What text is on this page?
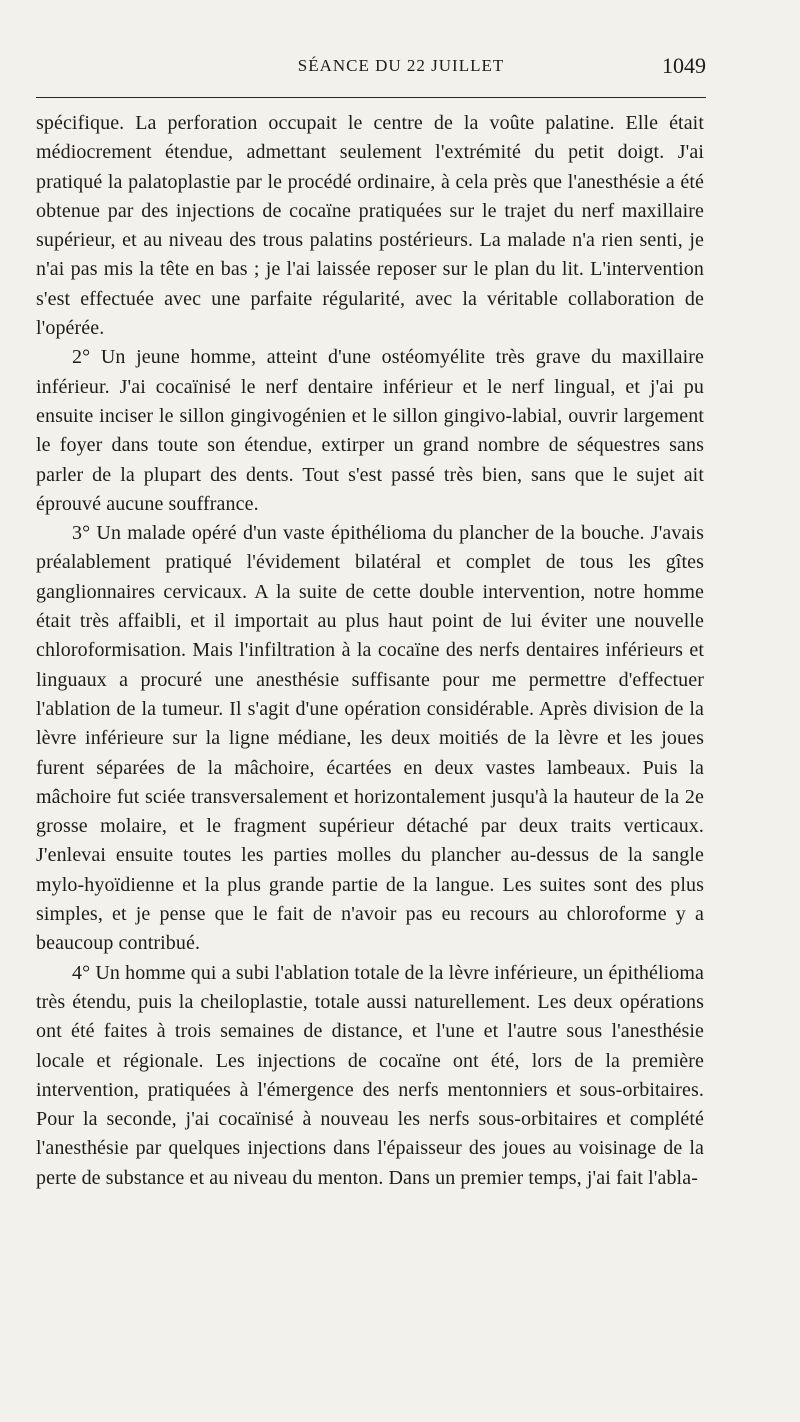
SÉANCE DU 22 JUILLET	1049

spécifique. La perforation occupait le centre de la voûte palatine. Elle était médiocrement étendue, admettant seulement l'extrémité du petit doigt. J'ai pratiqué la palatoplastie par le procédé ordinaire, à cela près que l'anesthésie a été obtenue par des injections de cocaïne pratiquées sur le trajet du nerf maxillaire supérieur, et au niveau des trous palatins postérieurs. La malade n'a rien senti, je n'ai pas mis la tête en bas ; je l'ai laissée reposer sur le plan du lit. L'intervention s'est effectuée avec une parfaite régularité, avec la véritable collaboration de l'opérée.

2° Un jeune homme, atteint d'une ostéomyélite très grave du maxillaire inférieur. J'ai cocaïnisé le nerf dentaire inférieur et le nerf lingual, et j'ai pu ensuite inciser le sillon gingivogénien et le sillon gingivo-labial, ouvrir largement le foyer dans toute son étendue, extirper un grand nombre de séquestres sans parler de la plupart des dents. Tout s'est passé très bien, sans que le sujet ait éprouvé aucune souffrance.

3° Un malade opéré d'un vaste épithélioma du plancher de la bouche. J'avais préalablement pratiqué l'évidement bilatéral et complet de tous les gîtes ganglionnaires cervicaux. A la suite de cette double intervention, notre homme était très affaibli, et il importait au plus haut point de lui éviter une nouvelle chloroformisation. Mais l'infiltration à la cocaïne des nerfs dentaires inférieurs et linguaux a procuré une anesthésie suffisante pour me permettre d'effectuer l'ablation de la tumeur. Il s'agit d'une opération considérable. Après division de la lèvre inférieure sur la ligne médiane, les deux moitiés de la lèvre et les joues furent séparées de la mâchoire, écartées en deux vastes lambeaux. Puis la mâchoire fut sciée transversalement et horizontalement jusqu'à la hauteur de la 2e grosse molaire, et le fragment supérieur détaché par deux traits verticaux. J'enlevai ensuite toutes les parties molles du plancher au-dessus de la sangle mylo-hyoïdienne et la plus grande partie de la langue. Les suites sont des plus simples, et je pense que le fait de n'avoir pas eu recours au chloroforme y a beaucoup contribué.

4° Un homme qui a subi l'ablation totale de la lèvre inférieure, un épithélioma très étendu, puis la cheiloplastie, totale aussi naturellement. Les deux opérations ont été faites à trois semaines de distance, et l'une et l'autre sous l'anesthésie locale et régionale. Les injections de cocaïne ont été, lors de la première intervention, pratiquées à l'émergence des nerfs mentonniers et sous-orbitaires. Pour la seconde, j'ai cocaïnisé à nouveau les nerfs sous-orbitaires et complété l'anesthésie par quelques injections dans l'épaisseur des joues au voisinage de la perte de substance et au niveau du menton. Dans un premier temps, j'ai fait l'abla-
